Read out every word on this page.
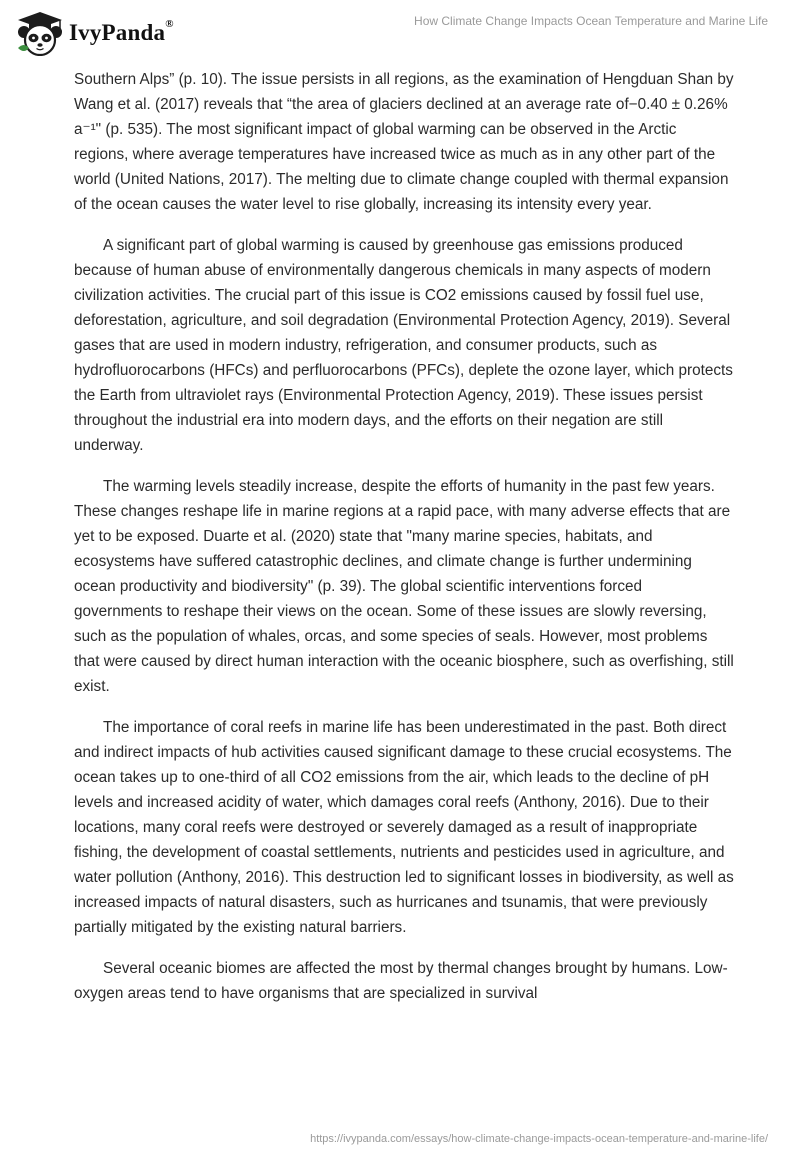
IvyPanda®	How Climate Change Impacts Ocean Temperature and Marine Life

Southern Alps” (p. 10). The issue persists in all regions, as the examination of Hengduan Shan by Wang et al. (2017) reveals that “the area of glaciers declined at an average rate of−0.40 ± 0.26% a⁻¹" (p. 535). The most significant impact of global warming can be observed in the Arctic regions, where average temperatures have increased twice as much as in any other part of the world (United Nations, 2017). The melting due to climate change coupled with thermal expansion of the ocean causes the water level to rise globally, increasing its intensity every year.

A significant part of global warming is caused by greenhouse gas emissions produced because of human abuse of environmentally dangerous chemicals in many aspects of modern civilization activities. The crucial part of this issue is CO2 emissions caused by fossil fuel use, deforestation, agriculture, and soil degradation (Environmental Protection Agency, 2019). Several gases that are used in modern industry, refrigeration, and consumer products, such as hydrofluorocarbons (HFCs) and perfluorocarbons (PFCs), deplete the ozone layer, which protects the Earth from ultraviolet rays (Environmental Protection Agency, 2019). These issues persist throughout the industrial era into modern days, and the efforts on their negation are still underway.

The warming levels steadily increase, despite the efforts of humanity in the past few years. These changes reshape life in marine regions at a rapid pace, with many adverse effects that are yet to be exposed. Duarte et al. (2020) state that "many marine species, habitats, and ecosystems have suffered catastrophic declines, and climate change is further undermining ocean productivity and biodiversity" (p. 39). The global scientific interventions forced governments to reshape their views on the ocean. Some of these issues are slowly reversing, such as the population of whales, orcas, and some species of seals. However, most problems that were caused by direct human interaction with the oceanic biosphere, such as overfishing, still exist.

The importance of coral reefs in marine life has been underestimated in the past. Both direct and indirect impacts of hub activities caused significant damage to these crucial ecosystems. The ocean takes up to one-third of all CO2 emissions from the air, which leads to the decline of pH levels and increased acidity of water, which damages coral reefs (Anthony, 2016). Due to their locations, many coral reefs were destroyed or severely damaged as a result of inappropriate fishing, the development of coastal settlements, nutrients and pesticides used in agriculture, and water pollution (Anthony, 2016). This destruction led to significant losses in biodiversity, as well as increased impacts of natural disasters, such as hurricanes and tsunamis, that were previously partially mitigated by the existing natural barriers.

Several oceanic biomes are affected the most by thermal changes brought by humans. Low-oxygen areas tend to have organisms that are specialized in survival

https://ivypanda.com/essays/how-climate-change-impacts-ocean-temperature-and-marine-life/
